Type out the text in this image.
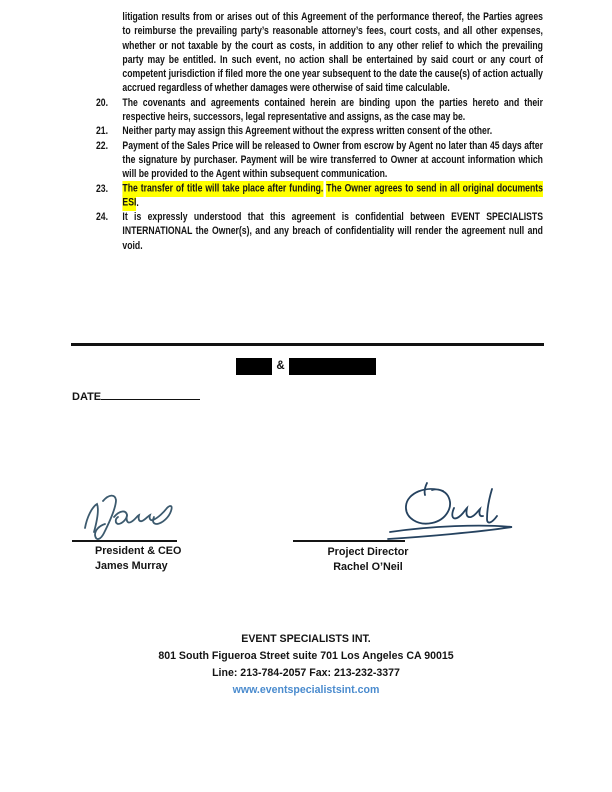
litigation results from or arises out of this Agreement of the performance thereof, the Parties agrees to reimburse the prevailing party’s reasonable attorney’s fees, court costs, and all other expenses, whether or not taxable by the court as costs, in addition to any other relief to which the prevailing party may be entitled. In such event, no action shall be entertained by said court or any court of competent jurisdiction if filed more the one year subsequent to the date the cause(s) of action actually accrued regardless of whether damages were otherwise of said time calculable.

20.	The covenants and agreements contained herein are binding upon the parties hereto and their respective heirs, successors, legal representative and assigns, as the case may be.
21.	Neither party may assign this Agreement without the express written consent of the other.
22.	Payment of the Sales Price will be released to Owner from escrow by Agent no later than 45 days after the signature by purchaser. Payment will be wire transferred to Owner at account information which will be provided to the Agent within subsequent communication.
23.	The transfer of title will take place after funding. The Owner agrees to send in all original documents ESI.
24.	It is expressly understood that this agreement is confidential between EVENT SPECIALISTS INTERNATIONAL the Owner(s), and any breach of confidentiality will render the agreement null and void.
&
DATE
President & CEO
James Murray
Project Director
Rachel O’Neil
EVENT SPECIALISTS INT.
801 South Figueroa Street suite 701 Los Angeles CA 90015
Line: 213-784-2057 Fax: 213-232-3377
www.eventspecialistsint.com
